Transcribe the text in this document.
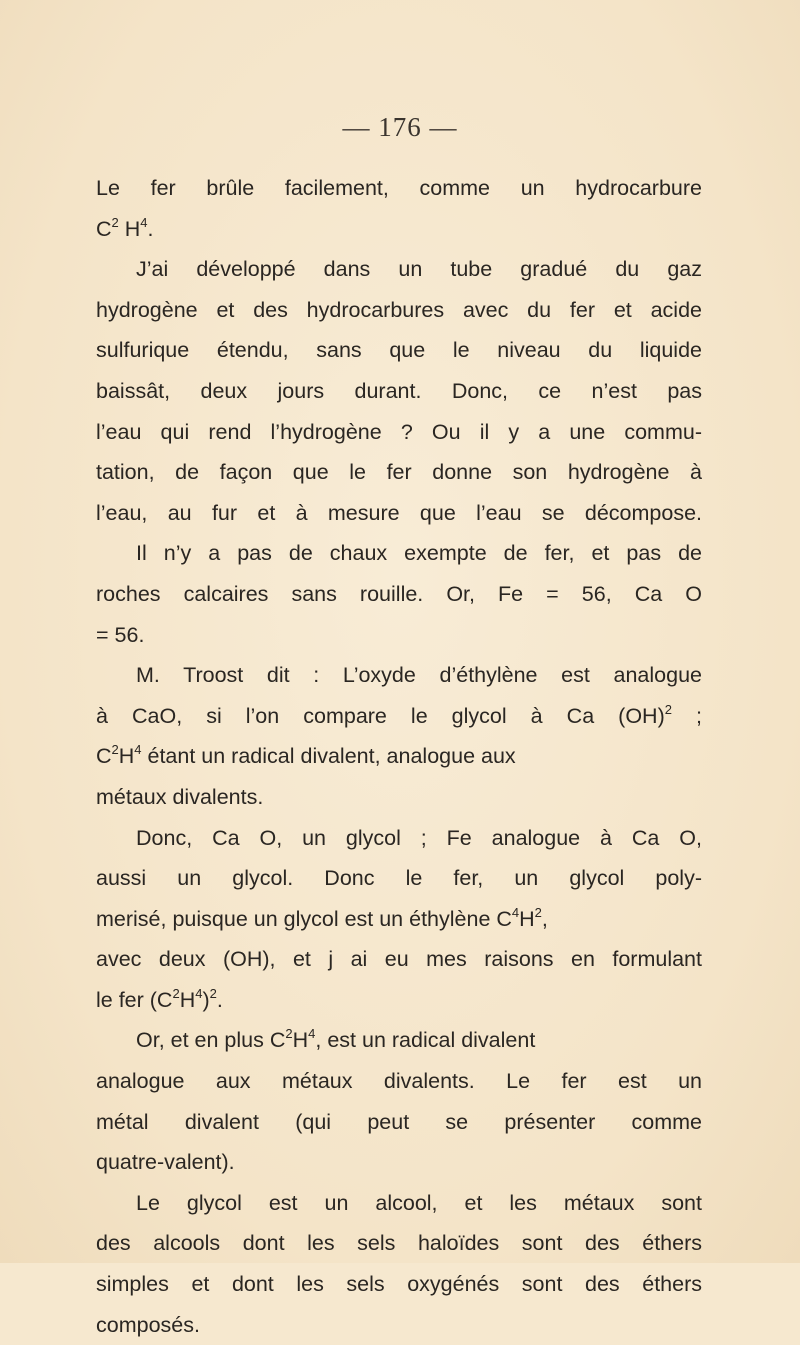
— 176 —
Le fer brûle facilement, comme un hydrocarbure
$C^2$ $H^4$.
J’ai développé dans un tube gradué du gaz
hydrogène et des hydrocarbures avec du fer et acide
sulfurique étendu, sans que le niveau du liquide
baissât, deux jours durant. Donc, ce n’est pas
l’eau qui rend l’hydrogène ? Ou il y a une commu-
tation, de façon que le fer donne son hydrogène à
l’eau, au fur et à mesure que l’eau se décompose.
Il n’y a pas de chaux exempte de fer, et pas de
roches calcaires sans rouille. Or, Fe = 56, Ca O
= 56.
M. Troost dit : L’oxyde d’éthylène est analogue
à CaO, si l’on compare le glycol à Ca (OH)$^2$ ;
$C^2H^4$ étant un radical divalent, analogue aux
métaux divalents.
Donc, Ca O, un glycol ; Fe analogue à Ca O,
aussi un glycol. Donc le fer, un glycol poly-
merisé, puisque un glycol est un éthylène $C^4H^2$,
avec deux (OH), et j ai eu mes raisons en formulant
le fer $(C^2H^4)^2$.
Or, et en plus $C^2H^4$, est un radical divalent
analogue aux métaux divalents. Le fer est un
métal divalent (qui peut se présenter comme
quatre-valent).
Le glycol est un alcool, et les métaux sont
des alcools dont les sels haloïdes sont des éthers
simples et dont les sels oxygénés sont des éthers
composés.
